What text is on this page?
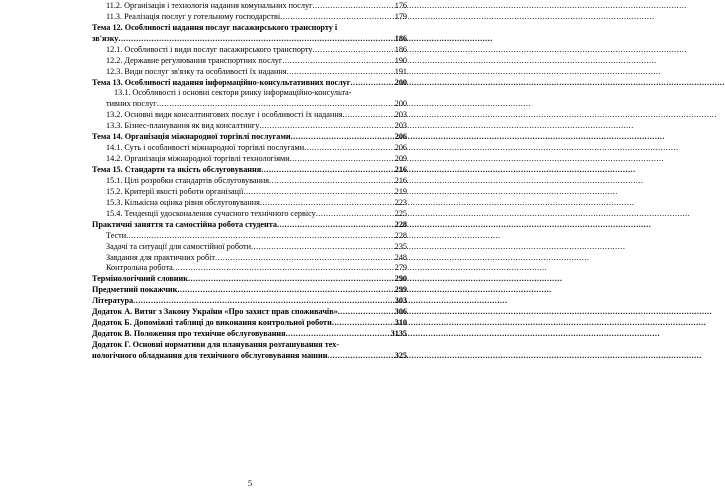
11.2. Організація і технологія надання комунальних послуг .....	176
11.3. Реалізація послуг у готельному господарстві .....	179
Тема 12. Особливості надання послуг пасажирського транспорту і
зв'язку .....	186
12.1. Особливості і види послуг пасажирського транспорту .....	186
12.2. Державне регулювання транспортних послуг .....	190
12.3. Види послуг зв'язку та особливості їх надання .....	191
Тема 13. Особливості надання інформаційно-консультативних послуг .....	200
13.1. Особливості і основні сектори ринку інформаційно-консульта-
тивних послуг .....	200
13.2. Основні види консалтингових послуг і особливості їх надання .....	203
13.3. Бізнес-планування як вид консалтингу .....	203
Тема 14. Організація міжнародної торгівлі послугами .....	206
14.1. Суть і особливості міжнародної торгівлі послугами .....	206
14.2. Організація міжнародної торгівлі технологіями .....	209
Тема 15. Стандарти та якість обслуговування .....	216
15.1. Цілі розробки стандартів обслуговування .....	216
15.2. Критерії якості роботи організації .....	219
15.3. Кількісна оцінка рівня обслуговування .....	223
15.4. Тенденції удосконалення сучасного технічного сервісу .....	225
Практичні заняття та самостійна робота студента .....	228
Тести .....	228
Задачі та ситуації для самостійної роботи .....	235
Завдання для практичних робіт .....	248
Контрольна робота .....	279
Термінологічний словник .....	290
Предметний покажчик .....	299
Література .....	303
Додаток А. Витяг з Закону України «Про захист прав споживачів» .....	306
Додаток Б. Допоміжні таблиці до виконання контрольної роботи .....	310
Додаток В. Положення про технічне обслуговування .....	3135
Додаток Г. Основні нормативи для планування розташування тех-
нологічного обладнання для технічного обслуговування машин .....	325
5
